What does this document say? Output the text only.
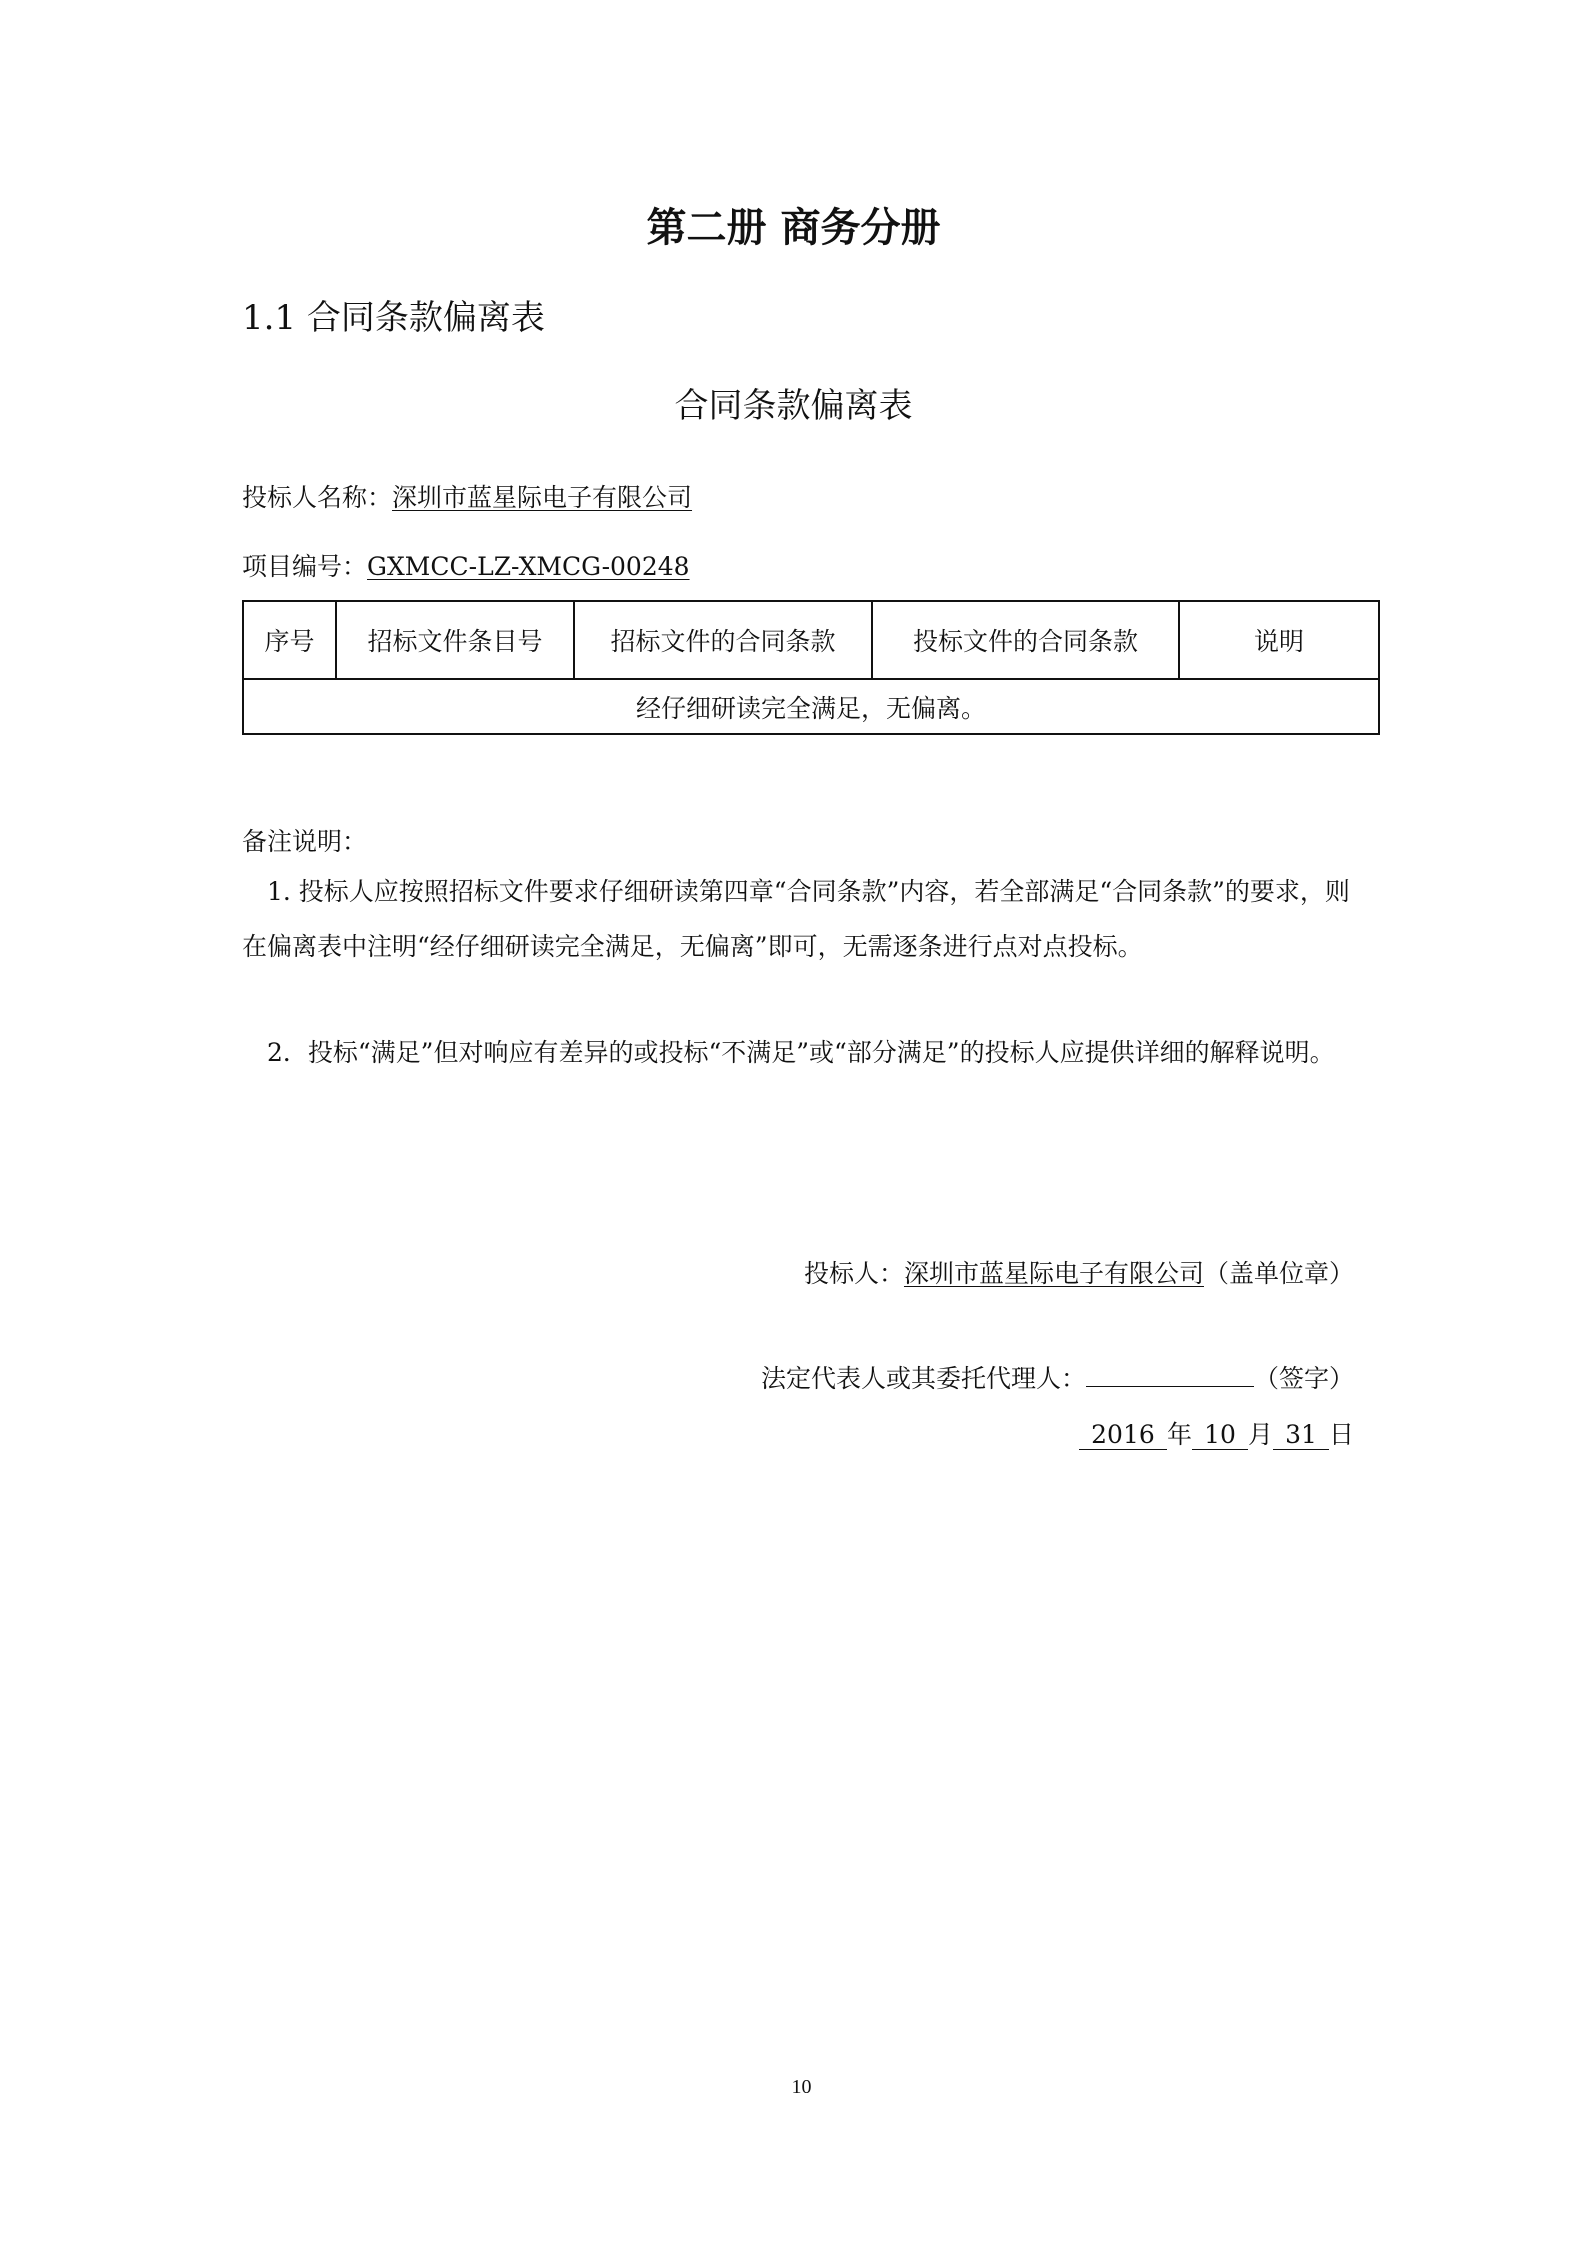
第二册 商务分册
1.1 合同条款偏离表
合同条款偏离表
投标人名称：深圳市蓝星际电子有限公司
项目编号：GXMCC-LZ-XMCG-00248
序号	招标文件条目号	招标文件的合同条款	投标文件的合同条款	说明
经仔细研读完全满足，无偏离。
备注说明：
1. 投标人应按照招标文件要求仔细研读第四章“合同条款”内容，若全部满足“合同条款”的要求，则在偏离表中注明“经仔细研读完全满足，无偏离”即可，无需逐条进行点对点投标。
2．投标“满足”但对响应有差异的或投标“不满足”或“部分满足”的投标人应提供详细的解释说明。
投标人：深圳市蓝星际电子有限公司（盖单位章）
法定代表人或其委托代理人：	（签字）
2016 年 10 月 31 日
10
